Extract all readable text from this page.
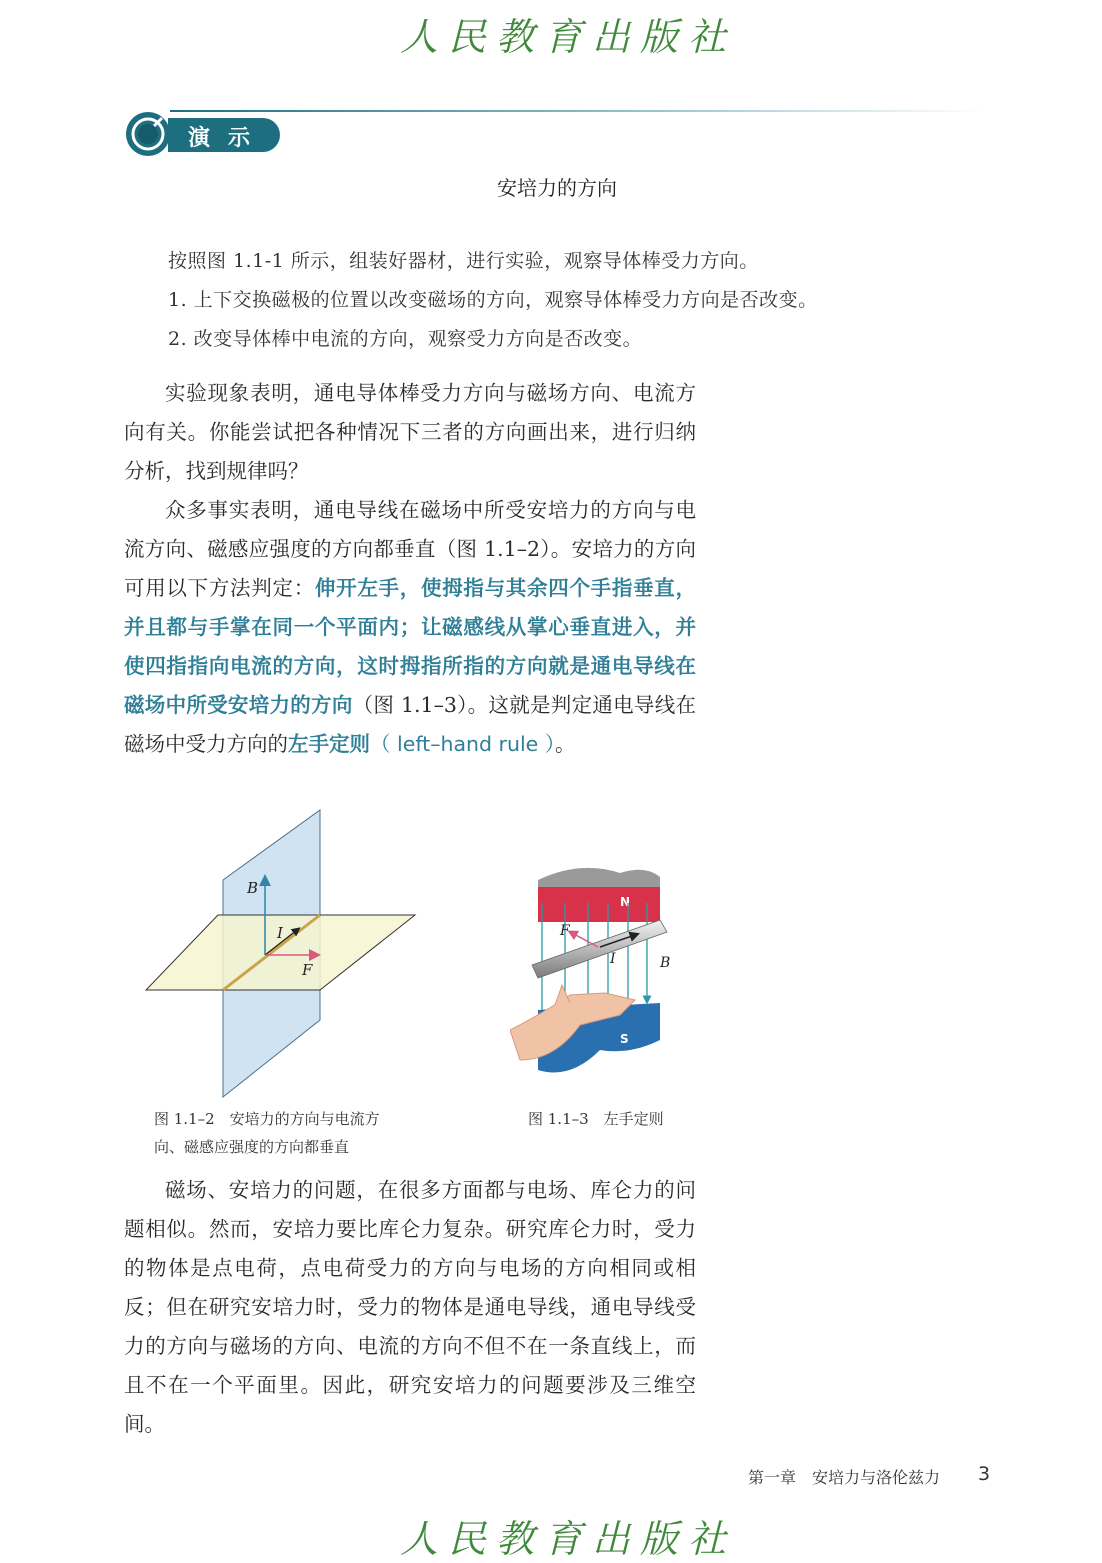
人民教育出版社
演示
安培力的方向
按照图 1.1-1 所示，组装好器材，进行实验，观察导体棒受力方向。
1. 上下交换磁极的位置以改变磁场的方向，观察导体棒受力方向是否改变。
2. 改变导体棒中电流的方向，观察受力方向是否改变。

实验现象表明，通电导体棒受力方向与磁场方向、电流方向有关。你能尝试把各种情况下三者的方向画出来，进行归纳分析，找到规律吗？

众多事实表明，通电导线在磁场中所受安培力的方向与电流方向、磁感应强度的方向都垂直（图 1.1–2）。安培力的方向可用以下方法判定：伸开左手，使拇指与其余四个手指垂直，并且都与手掌在同一个平面内；让磁感线从掌心垂直进入，并使四指指向电流的方向，这时拇指所指的方向就是通电导线在磁场中所受安培力的方向（图 1.1–3）。这就是判定通电导线在磁场中受力方向的左手定则（ left–hand rule ）。

B
I
F
图 1.1–2　安培力的方向与电流方
向、磁感应强度的方向都垂直
N
S
F
I	B
图 1.1–3　左手定则

磁场、安培力的问题，在很多方面都与电场、库仑力的问题相似。然而，安培力要比库仑力复杂。研究库仑力时，受力的物体是点电荷，点电荷受力的方向与电场的方向相同或相反；但在研究安培力时，受力的物体是通电导线，通电导线受力的方向与磁场的方向、电流的方向不但不在一条直线上，而且不在一个平面里。因此，研究安培力的问题要涉及三维空间。

第一章　安培力与洛伦兹力 3
人民教育出版社
